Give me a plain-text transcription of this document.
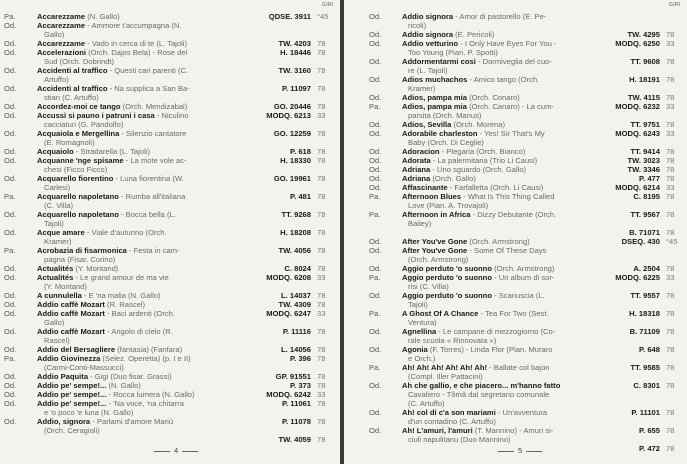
GIRI
Pa.	Accarezzame (N. Gallo)	QDSE. 3911 °45
Od.	Accarezzame - Ammore t'accumpagna (N.
Gallo)
Od.	Accarezzame - Vado in cerca di te (L. Tajoli)	TW. 4203 78
Od.	Accelerazioni (Orch. Dajos Bela) - Rose del	H. 18446 78
Sud (Orch. Dobrindt)
Od.	Accidenti al traffico - Questi cari parenti (C.	TW. 3160 78
Artuffo)
Od.	Accidenti al traffico - Na supplica a San Ba-	P. 11097 78
stian (C. Artuffo)
Od.	Accordez-moi ce tango (Orch. Mendizabal)	GO. 20446 78
Od.	Accussì si pauno i patruni i casa - Niculino	MODQ. 6213 33
cacciaturi (G. Pandolfo)
Od.	Acquaiola e Mergellina - Silenzio cantatore	GO. 12259 78
(E. Romagnoli)
Od.	Acquaiolo - Stradarella (L. Tajoli)	P. 618 78
Od.	Acquanne 'nge spisame - La mote vole ac-	H. 18330 78
chesi (Ficco Ficco)
Od.	Acquarello fiorentino - Luna fiorentina (W.	GO. 19961 78
Carlesi)
Pa.	Acquarello napoletano - Rumba all'italiana	P. 481 78
(C. Villa)
Od.	Acquarello napoletano - Bocca bella (L.	TT. 9268 78
Tajoli)
Od.	Acque amare - Viale d'autunno (Orch.	H. 18208 78
Kramer)
Pa.	Acrobazia di fisarmonica - Festa in cam-	TW. 4056 78
pagna (Fisar. Corino)
Od.	Actualités (Y. Montand)	C. 8024 78
Od.	Actualités - Le grand amour de ma vie	MODQ. 6208 33
(Y. Montand)
Od.	A cunnulella - E 'na malia (N. Gallo)	L. 14037 78
Od.	Addio caffè Mozart (R. Rascel)	TW. 4309 78
Od.	Addio caffè Mozart - Baci ardenti (Orch.	MODQ. 6247 33
Gallo)
Od.	Addio caffè Mozart - Angolo di cielo (R.	P. 11116 78
Rascel)
Od.	Addio del Bersagliere (fantasia) (Fanfara)	L. 14056 78
Pa.	Addio Giovinezza (Selez. Operetta) (p. I e II)	P. 396 78
(Carmi-Conti-Massucci)
Od.	Addio Paquita - Gigi (Duo fisar. Grassi)	GP. 91551 78
Od.	Addio pe' sempe!... (N. Gallo)	P. 373 78
Od.	Addio pe' sempe!... - Rocca lumera (N. Gallo)	MODQ. 6242 33
Od.	Addio pe' sempe!... - 'Na voce, 'na chitarra	P. 11061 78
e 'o poco 'e luna (N. Gallo)
Od.	Addio, signora - Parlami d'amore Mariù	P. 11078 78
(Orch. Ceragioli)
TW. 4059 78
4
GIRI
Od.	Addio signora - Amor di pastorello (E. Pe-
ricoli)
Od.	Addio signora (E. Pericoli)	TW. 4295 78
Od.	Addio vetturino - I Only Have Eyes For You -	MODQ. 6250 33
Too Young (Pian. P. Spotti)
Od.	Addormentarmi così - Dormiveglia del cuo-	TT. 9608 78
re (L. Tajoli)
Od.	Adios muchachos - Amico tango (Orch.	H. 18191 78
Kramer)
Od.	Adios, pampa mia (Orch. Conaro)	TW. 4115 78
Pa.	Adios, pampa mia (Orch. Canaro) - La cum-	MODQ. 6232 33
parsita (Orch. Manus)
Od.	Adios, Sevilla (Orch. Morena)	TT. 9751 78
Od.	Adorabile charleston - Yes! Sir That's My	MODQ. 6243 33
Baby (Orch. Di Ceglie)
Od.	Adoracion - Plegaria (Orch. Bianco)	TT. 9414 78
Od.	Adorata - La palermitana (Trio Li Causi)	TW. 3023 78
Od.	Adriana - Uno sguardo (Orch. Gallo)	TW. 3346 78
Od.	Adriana (Orch. Gallo)	P. 477 78
Od.	Affascinante - Farfalletta (Orch. Li Causi)	MODQ. 6214 33
Pa.	Afternoon Blues - What Is This Thing Called	C. 8195 78
Love (Pian. A. Trovajoli)
Pa.	Afternoon in Africa - Dizzy Debutante (Orch.	TT. 9567 78
Bailey)
B. 71071 78
Od.	After You've Gone (Orch. Armstrong)	DSEQ. 430 °45
Od.	After You've Gone - Some Of These Days
(Orch. Armstrong)
Od.	Aggio perduto 'o suonno (Orch. Armstrong)	A. 2504 78
Pa.	Aggio perduto 'o suonno - Un album di sor-	MODQ. 6225 33
risi (C. Villa)
Od.	Aggio perduto 'o suonno - Scanuscia (L.	TT. 9557 78
Tajoli)
Pa.	A Ghost Of A Chance - Tea For Two (Sest.	H. 18318 78
Ventura)
Od.	Agnellina - Le campane di mezzogiorno (Co-	B. 71109 78
rale scuola « Rinnovata »)
Od.	Agonia (F. Torres) - Linda Flor (Pian. Muraro	P. 648 78
e Orch.)
Pa.	Ah! Ah! Ah! Ah! Ah! Ah! - Ballate col bajon	TT. 9585 78
(Compl. Iller Pattacini)
Od.	Ah che gallio, e che piacero... m'hanno fatto	C. 8301 78
Cavaliero - Tômâ dal segretario comunale
(C. Artuffo)
Od.	Ah! col di c'a son mariami - Un'avventura	P. 11101 78
d'un contadino (C. Artuffo)
Od.	Ah! L'amuri, l'amuri (T. Mannino) - Amuri si-	P. 655 78
ciuli napulitanu (Duo Mannino)
P. 472 78
5
